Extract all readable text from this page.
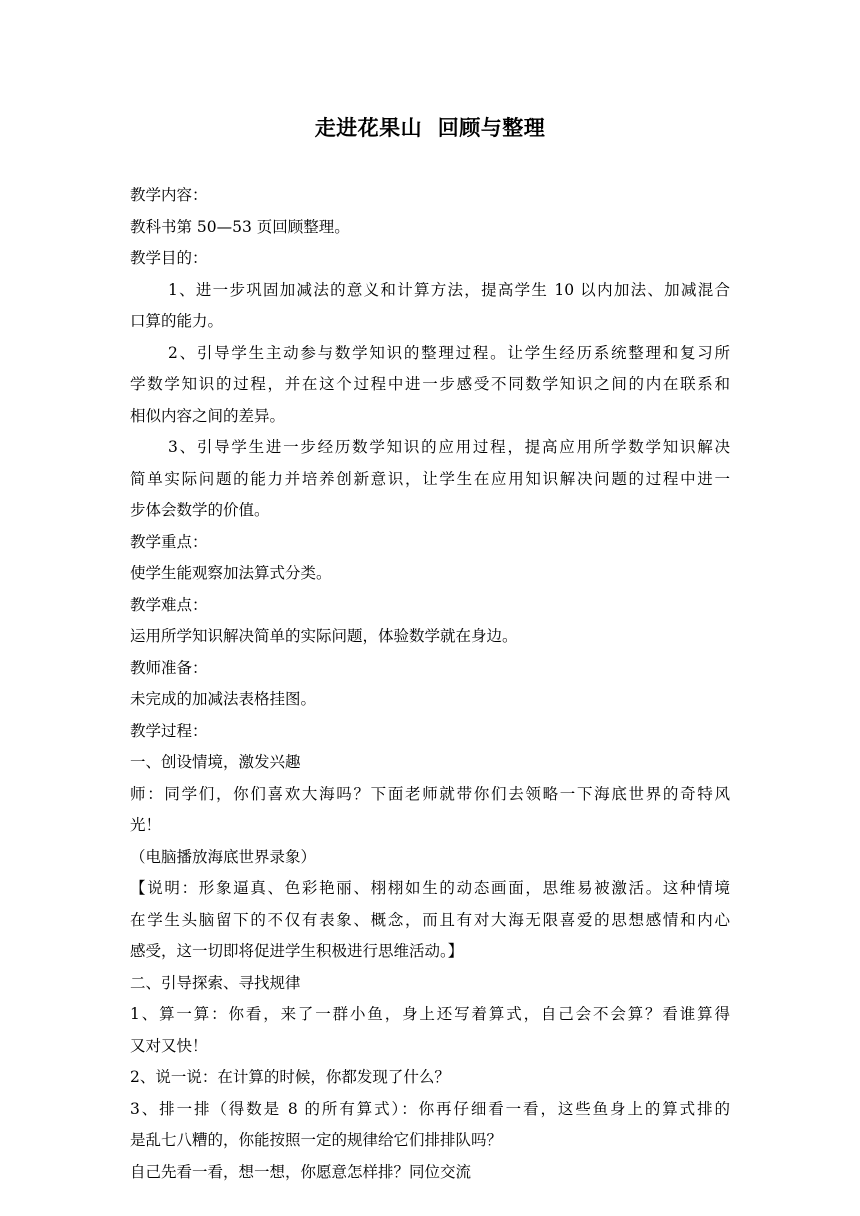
走进花果山  回顾与整理
教学内容：
教科书第 50—53 页回顾整理。
教学目的：
1、进一步巩固加减法的意义和计算方法，提高学生 10 以内加法、加减混合
口算的能力。
2、引导学生主动参与数学知识的整理过程。让学生经历系统整理和复习所
学数学知识的过程，并在这个过程中进一步感受不同数学知识之间的内在联系和
相似内容之间的差异。
3、引导学生进一步经历数学知识的应用过程，提高应用所学数学知识解决
简单实际问题的能力并培养创新意识，让学生在应用知识解决问题的过程中进一
步体会数学的价值。
教学重点：
使学生能观察加法算式分类。
教学难点：
运用所学知识解决简单的实际问题，体验数学就在身边。
教师准备：
未完成的加减法表格挂图。
教学过程：
一、创设情境，激发兴趣
师：同学们，你们喜欢大海吗？下面老师就带你们去领略一下海底世界的奇特风
光！
（电脑播放海底世界录象）
【说明：形象逼真、色彩艳丽、栩栩如生的动态画面，思维易被激活。这种情境
在学生头脑留下的不仅有表象、概念，而且有对大海无限喜爱的思想感情和内心
感受，这一切即将促进学生积极进行思维活动。】
二、引导探索、寻找规律
1、算一算：你看，来了一群小鱼，身上还写着算式，自己会不会算？看谁算得
又对又快！
2、说一说：在计算的时候，你都发现了什么？
3、排一排（得数是 8 的所有算式）：你再仔细看一看，这些鱼身上的算式排的
是乱七八糟的，你能按照一定的规律给它们排排队吗？
自己先看一看，想一想，你愿意怎样排？同位交流
